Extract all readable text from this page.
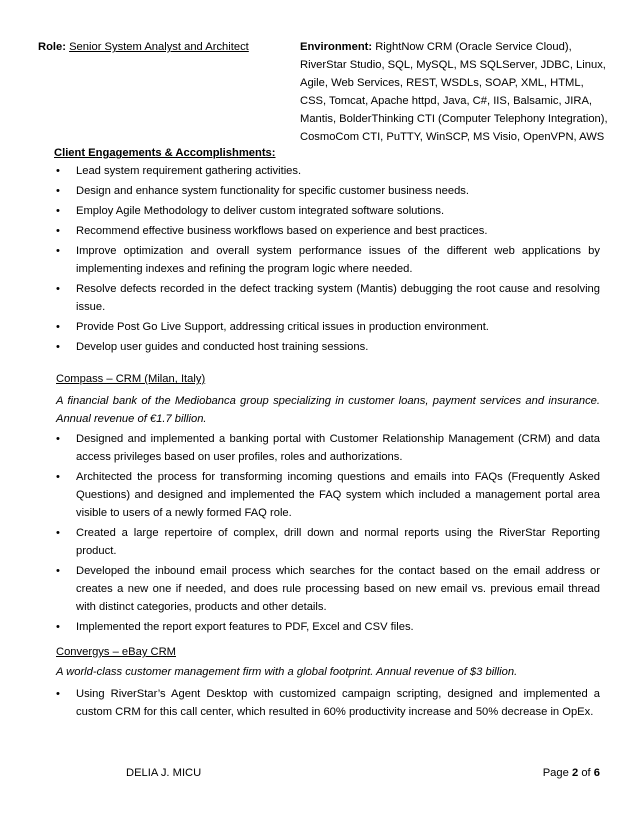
Role: Senior System Analyst and Architect	Environment: RightNow CRM (Oracle Service Cloud), RiverStar Studio, SQL, MySQL, MS SQLServer, JDBC, Linux, Agile, Web Services, REST, WSDLs, SOAP, XML, HTML, CSS, Tomcat, Apache httpd, Java, C#, IIS, Balsamic, JIRA, Mantis, BolderThinking CTI (Computer Telephony Integration), CosmoCom CTI, PuTTY, WinSCP, MS Visio, OpenVPN, AWS
Client Engagements & Accomplishments:
• Lead system requirement gathering activities.
• Design and enhance system functionality for specific customer business needs.
• Employ Agile Methodology to deliver custom integrated software solutions.
• Recommend effective business workflows based on experience and best practices.
• Improve optimization and overall system performance issues of the different web applications by implementing indexes and refining the program logic where needed.
• Resolve defects recorded in the defect tracking system (Mantis) debugging the root cause and resolving issue.
• Provide Post Go Live Support, addressing critical issues in production environment.
• Develop user guides and conducted host training sessions.
Compass – CRM (Milan, Italy)
A financial bank of the Mediobanca group specializing in customer loans, payment services and insurance. Annual revenue of €1.7 billion.
• Designed and implemented a banking portal with Customer Relationship Management (CRM) and data access privileges based on user profiles, roles and authorizations.
• Architected the process for transforming incoming questions and emails into FAQs (Frequently Asked Questions) and designed and implemented the FAQ system which included a management portal area visible to users of a newly formed FAQ role.
• Created a large repertoire of complex, drill down and normal reports using the RiverStar Reporting product.
• Developed the inbound email process which searches for the contact based on the email address or creates a new one if needed, and does rule processing based on new email vs. previous email thread with distinct categories, products and other details.
• Implemented the report export features to PDF, Excel and CSV files.
Convergys – eBay CRM
A world-class customer management firm with a global footprint. Annual revenue of $3 billion.
• Using RiverStar’s Agent Desktop with customized campaign scripting, designed and implemented a custom CRM for this call center, which resulted in 60% productivity increase and 50% decrease in OpEx.
DELIA J. MICU	Page 2 of 6
